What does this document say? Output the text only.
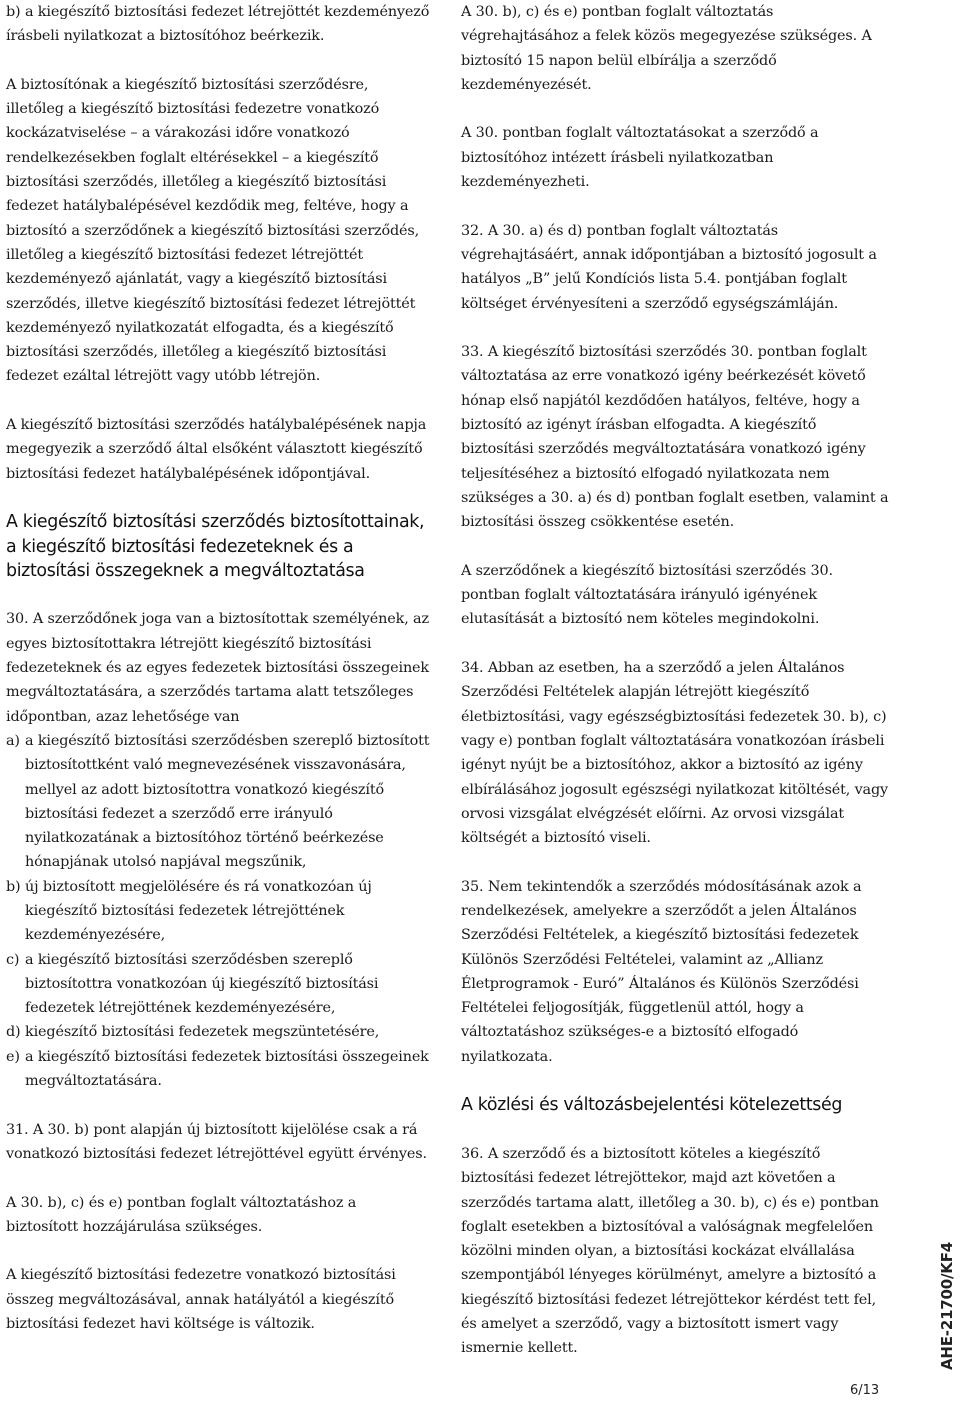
b) a kiegészítő biztosítási fedezet létrejöttét kezdeményező írásbeli nyilatkozat a biztosítóhoz beérkezik.

A biztosítónak a kiegészítő biztosítási szerződésre, illetőleg a kiegészítő biztosítási fedezetre vonatkozó kockázatviselése – a várakozási időre vonatkozó rendelkezésekben foglalt eltérésekkel – a kiegészítő biztosítási szerződés, illetőleg a kiegészítő biztosítási fedezet hatálybalépésével kezdődik meg, feltéve, hogy a biztosító a szerződőnek a kiegészítő biztosítási szerződés, illetőleg a kiegészítő biztosítási fedezet létrejöttét kezdeményező ajánlatát, vagy a kiegészítő biztosítási szerződés, illetve kiegészítő biztosítási fedezet létrejöttét kezdeményező nyilatkozatát elfogadta, és a kiegészítő biztosítási szerződés, illetőleg a kiegészítő biztosítási fedezet ezáltal létrejött vagy utóbb létrejön.

A kiegészítő biztosítási szerződés hatálybalépésének napja megegyezik a szerződő által elsőként választott kiegészítő biztosítási fedezet hatálybalépésének időpontjával.

A kiegészítő biztosítási szerződés biztosítottainak, a kiegészítő biztosítási fedezeteknek és a biztosítási összegeknek a megváltoztatása

30. A szerződőnek joga van a biztosítottak személyének, az egyes biztosítottakra létrejött kiegészítő biztosítási fedezeteknek és az egyes fedezetek biztosítási összegeinek megváltoztatására, a szerződés tartama alatt tetszőleges időpontban, azaz lehetősége van

a) a kiegészítő biztosítási szerződésben szereplő biztosított biztosítottként való megnevezésének visszavonására, mellyel az adott biztosítottra vonatkozó kiegészítő biztosítási fedezet a szerződő erre irányuló nyilatkozatának a biztosítóhoz történő beérkezése hónapjának utolsó napjával megszűnik,
b) új biztosított megjelölésére és rá vonatkozóan új kiegészítő biztosítási fedezetek létrejöttének kezdeményezésére,
c) a kiegészítő biztosítási szerződésben szereplő biztosítottra vonatkozóan új kiegészítő biztosítási fedezetek létrejöttének kezdeményezésére,
d) kiegészítő biztosítási fedezetek megszüntetésére,
e) a kiegészítő biztosítási fedezetek biztosítási összegeinek megváltoztatására.

31. A 30. b) pont alapján új biztosított kijelölése csak a rá vonatkozó biztosítási fedezet létrejöttével együtt érvényes.

A 30. b), c) és e) pontban foglalt változtatáshoz a biztosított hozzájárulása szükséges.

A kiegészítő biztosítási fedezetre vonatkozó biztosítási összeg megváltozásával, annak hatályától a kiegészítő biztosítási fedezet havi költsége is változik.

A 30. b), c) és e) pontban foglalt változtatás végrehajtásához a felek közös megegyezése szükséges. A biztosító 15 napon belül elbírálja a szerződő kezdeményezését.

A 30. pontban foglalt változtatásokat a szerződő a biztosítóhoz intézett írásbeli nyilatkozatban kezdeményezheti.

32. A 30. a) és d) pontban foglalt változtatás végrehajtásáért, annak időpontjában a biztosító jogosult a hatályos „B” jelű Kondíciós lista 5.4. pontjában foglalt költséget érvényesíteni a szerződő egységszámláján.

33. A kiegészítő biztosítási szerződés 30. pontban foglalt változtatása az erre vonatkozó igény beérkezését követő hónap első napjától kezdődően hatályos, feltéve, hogy a biztosító az igényt írásban elfogadta. A kiegészítő biztosítási szerződés megváltoztatására vonatkozó igény teljesítéséhez a biztosító elfogadó nyilatkozata nem szükséges a 30. a) és d) pontban foglalt esetben, valamint a biztosítási összeg csökkentése esetén.

A szerződőnek a kiegészítő biztosítási szerződés 30. pontban foglalt változtatására irányuló igényének elutasítását a biztosító nem köteles megindokolni.

34. Abban az esetben, ha a szerződő a jelen Általános Szerződési Feltételek alapján létrejött kiegészítő életbiztosítási, vagy egészségbiztosítási fedezetek 30. b), c) vagy e) pontban foglalt változtatására vonatkozóan írásbeli igényt nyújt be a biztosítóhoz, akkor a biztosító az igény elbírálásához jogosult egészségi nyilatkozat kitöltését, vagy orvosi vizsgálat elvégzését előírni. Az orvosi vizsgálat költségét a biztosító viseli.

35. Nem tekintendők a szerződés módosításának azok a rendelkezések, amelyekre a szerződőt a jelen Általános Szerződési Feltételek, a kiegészítő biztosítási fedezetek Különös Szerződési Feltételei, valamint az „Allianz Életprogramok - Euró” Általános és Különös Szerződési Feltételei feljogosítják, függetlenül attól, hogy a változtatáshoz szükséges-e a biztosító elfogadó nyilatkozata.

A közlési és változásbejelentési kötelezettség

36. A szerződő és a biztosított köteles a kiegészítő biztosítási fedezet létrejöttekor, majd azt követően a szerződés tartama alatt, illetőleg a 30. b), c) és e) pontban foglalt esetekben a biztosítóval a valóságnak megfelelően közölni minden olyan, a biztosítási kockázat elvállalása szempontjából lényeges körülményt, amelyre a biztosító a kiegészítő biztosítási fedezet létrejöttekor kérdést tett fel, és amelyet a szerződő, vagy a biztosított ismert vagy ismernie kellett.	AHE-21700/KF4
6/13
